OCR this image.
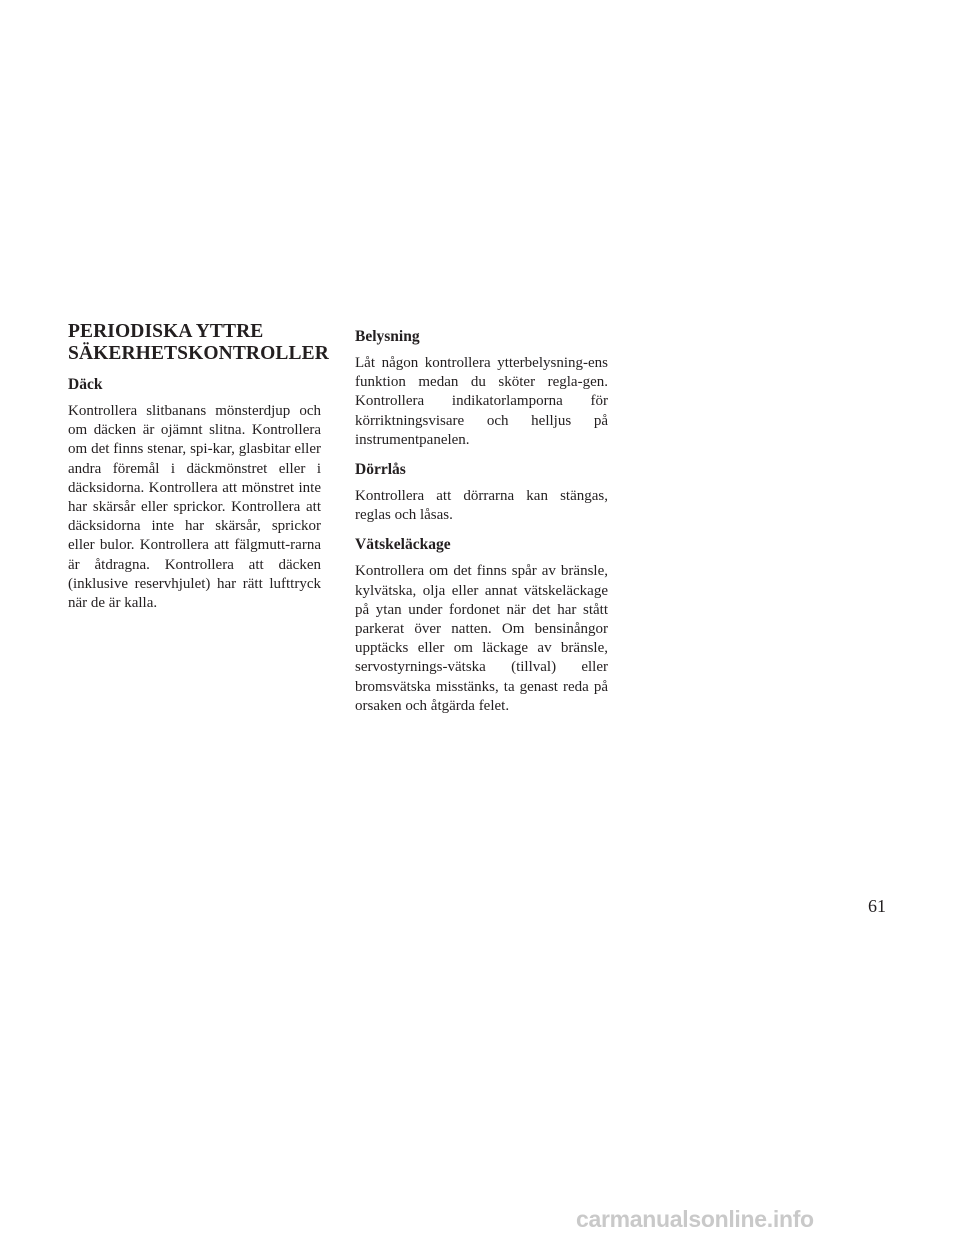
PERIODISKA YTTRE
SÄKERHETSKONTROLLER
Däck

Kontrollera slitbanans mönsterdjup och om däcken är ojämnt slitna. Kontrollera om det finns stenar, spi-kar, glasbitar eller andra föremål i däckmönstret eller i däcksidorna. Kontrollera att mönstret inte har skärsår eller sprickor. Kontrollera att däcksidorna inte har skärsår, sprickor eller bulor. Kontrollera att fälgmutt-rarna är åtdragna. Kontrollera att däcken (inklusive reservhjulet) har rätt lufttryck när de är kalla.

Belysning

Låt någon kontrollera ytterbelysning-ens funktion medan du sköter regla-gen. Kontrollera indikatorlamporna för körriktningsvisare och helljus på instrumentpanelen.

Dörrlås

Kontrollera att dörrarna kan stängas, reglas och låsas.

Vätskeläckage

Kontrollera om det finns spår av bränsle, kylvätska, olja eller annat vätskeläckage på ytan under fordonet när det har stått parkerat över natten. Om bensinångor upptäcks eller om läckage av bränsle, servostyrnings-vätska (tillval) eller bromsvätska misstänks, ta genast reda på orsaken och åtgärda felet.

61
carmanualsonline.info
